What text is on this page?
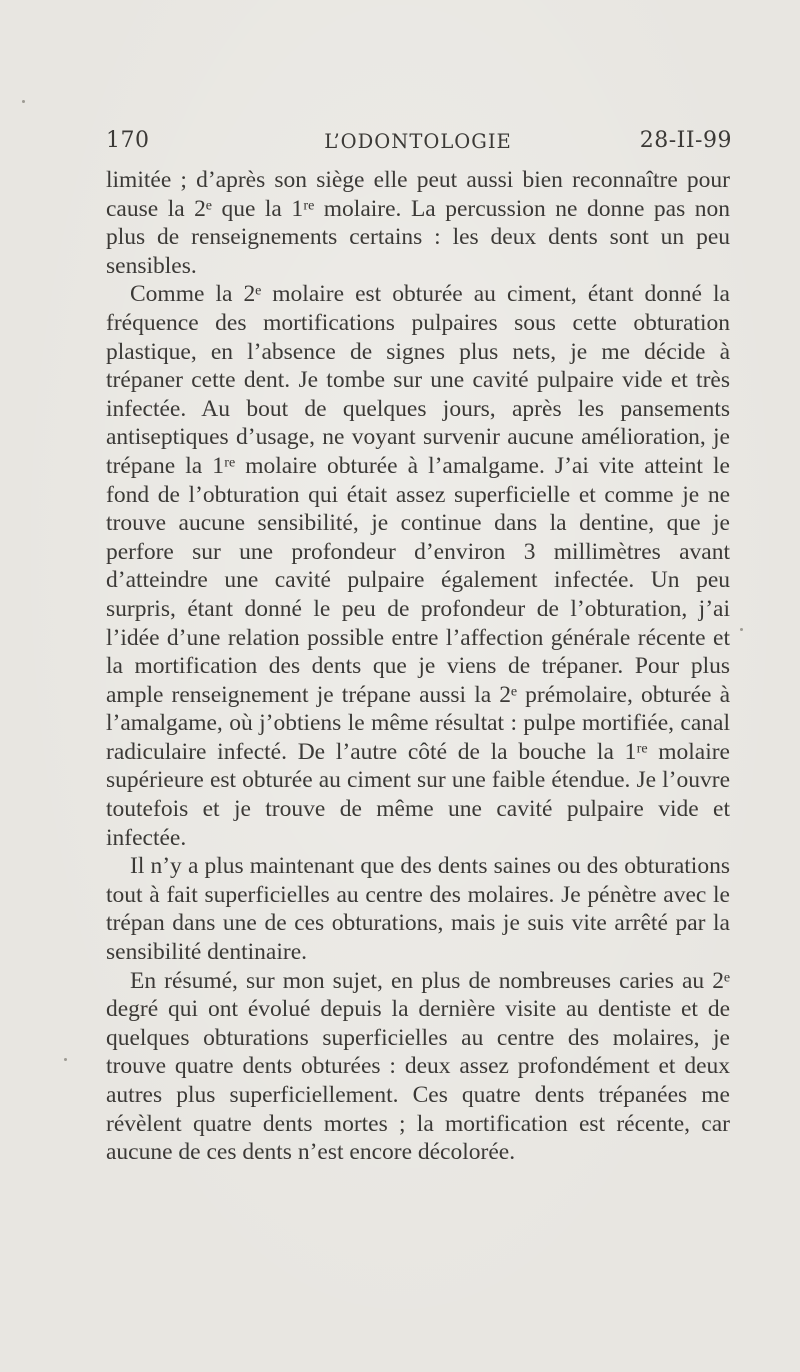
170	L’ODONTOLOGIE	28-II-99

limitée ; d’après son siège elle peut aussi bien reconnaître pour cause la 2ᵉ que la 1ʳᵉ molaire. La percussion ne donne pas non plus de renseignements certains : les deux dents sont un peu sensibles.

Comme la 2ᵉ molaire est obturée au ciment, étant donné la fréquence des mortifications pulpaires sous cette obturation plastique, en l’absence de signes plus nets, je me décide à trépaner cette dent. Je tombe sur une cavité pulpaire vide et très infectée. Au bout de quelques jours, après les pansements antiseptiques d’usage, ne voyant survenir aucune amélioration, je trépane la 1ʳᵉ molaire obturée à l’amalgame. J’ai vite atteint le fond de l’obturation qui était assez superficielle et comme je ne trouve aucune sensibilité, je continue dans la dentine, que je perfore sur une profondeur d’environ 3 millimètres avant d’atteindre une cavité pulpaire également infectée. Un peu surpris, étant donné le peu de profondeur de l’obturation, j’ai l’idée d’une relation possible entre l’affection générale récente et la mortification des dents que je viens de trépaner. Pour plus ample renseignement je trépane aussi la 2ᵉ prémolaire, obturée à l’amalgame, où j’obtiens le même résultat : pulpe mortifiée, canal radiculaire infecté. De l’autre côté de la bouche la 1ʳᵉ molaire supérieure est obturée au ciment sur une faible étendue. Je l’ouvre toutefois et je trouve de même une cavité pulpaire vide et infectée.

Il n’y a plus maintenant que des dents saines ou des obturations tout à fait superficielles au centre des molaires. Je pénètre avec le trépan dans une de ces obturations, mais je suis vite arrêté par la sensibilité dentinaire.

En résumé, sur mon sujet, en plus de nombreuses caries au 2ᵉ degré qui ont évolué depuis la dernière visite au dentiste et de quelques obturations superficielles au centre des molaires, je trouve quatre dents obturées : deux assez profondément et deux autres plus superficiellement. Ces quatre dents trépanées me révèlent quatre dents mortes ; la mortification est récente, car aucune de ces dents n’est encore décolorée.
